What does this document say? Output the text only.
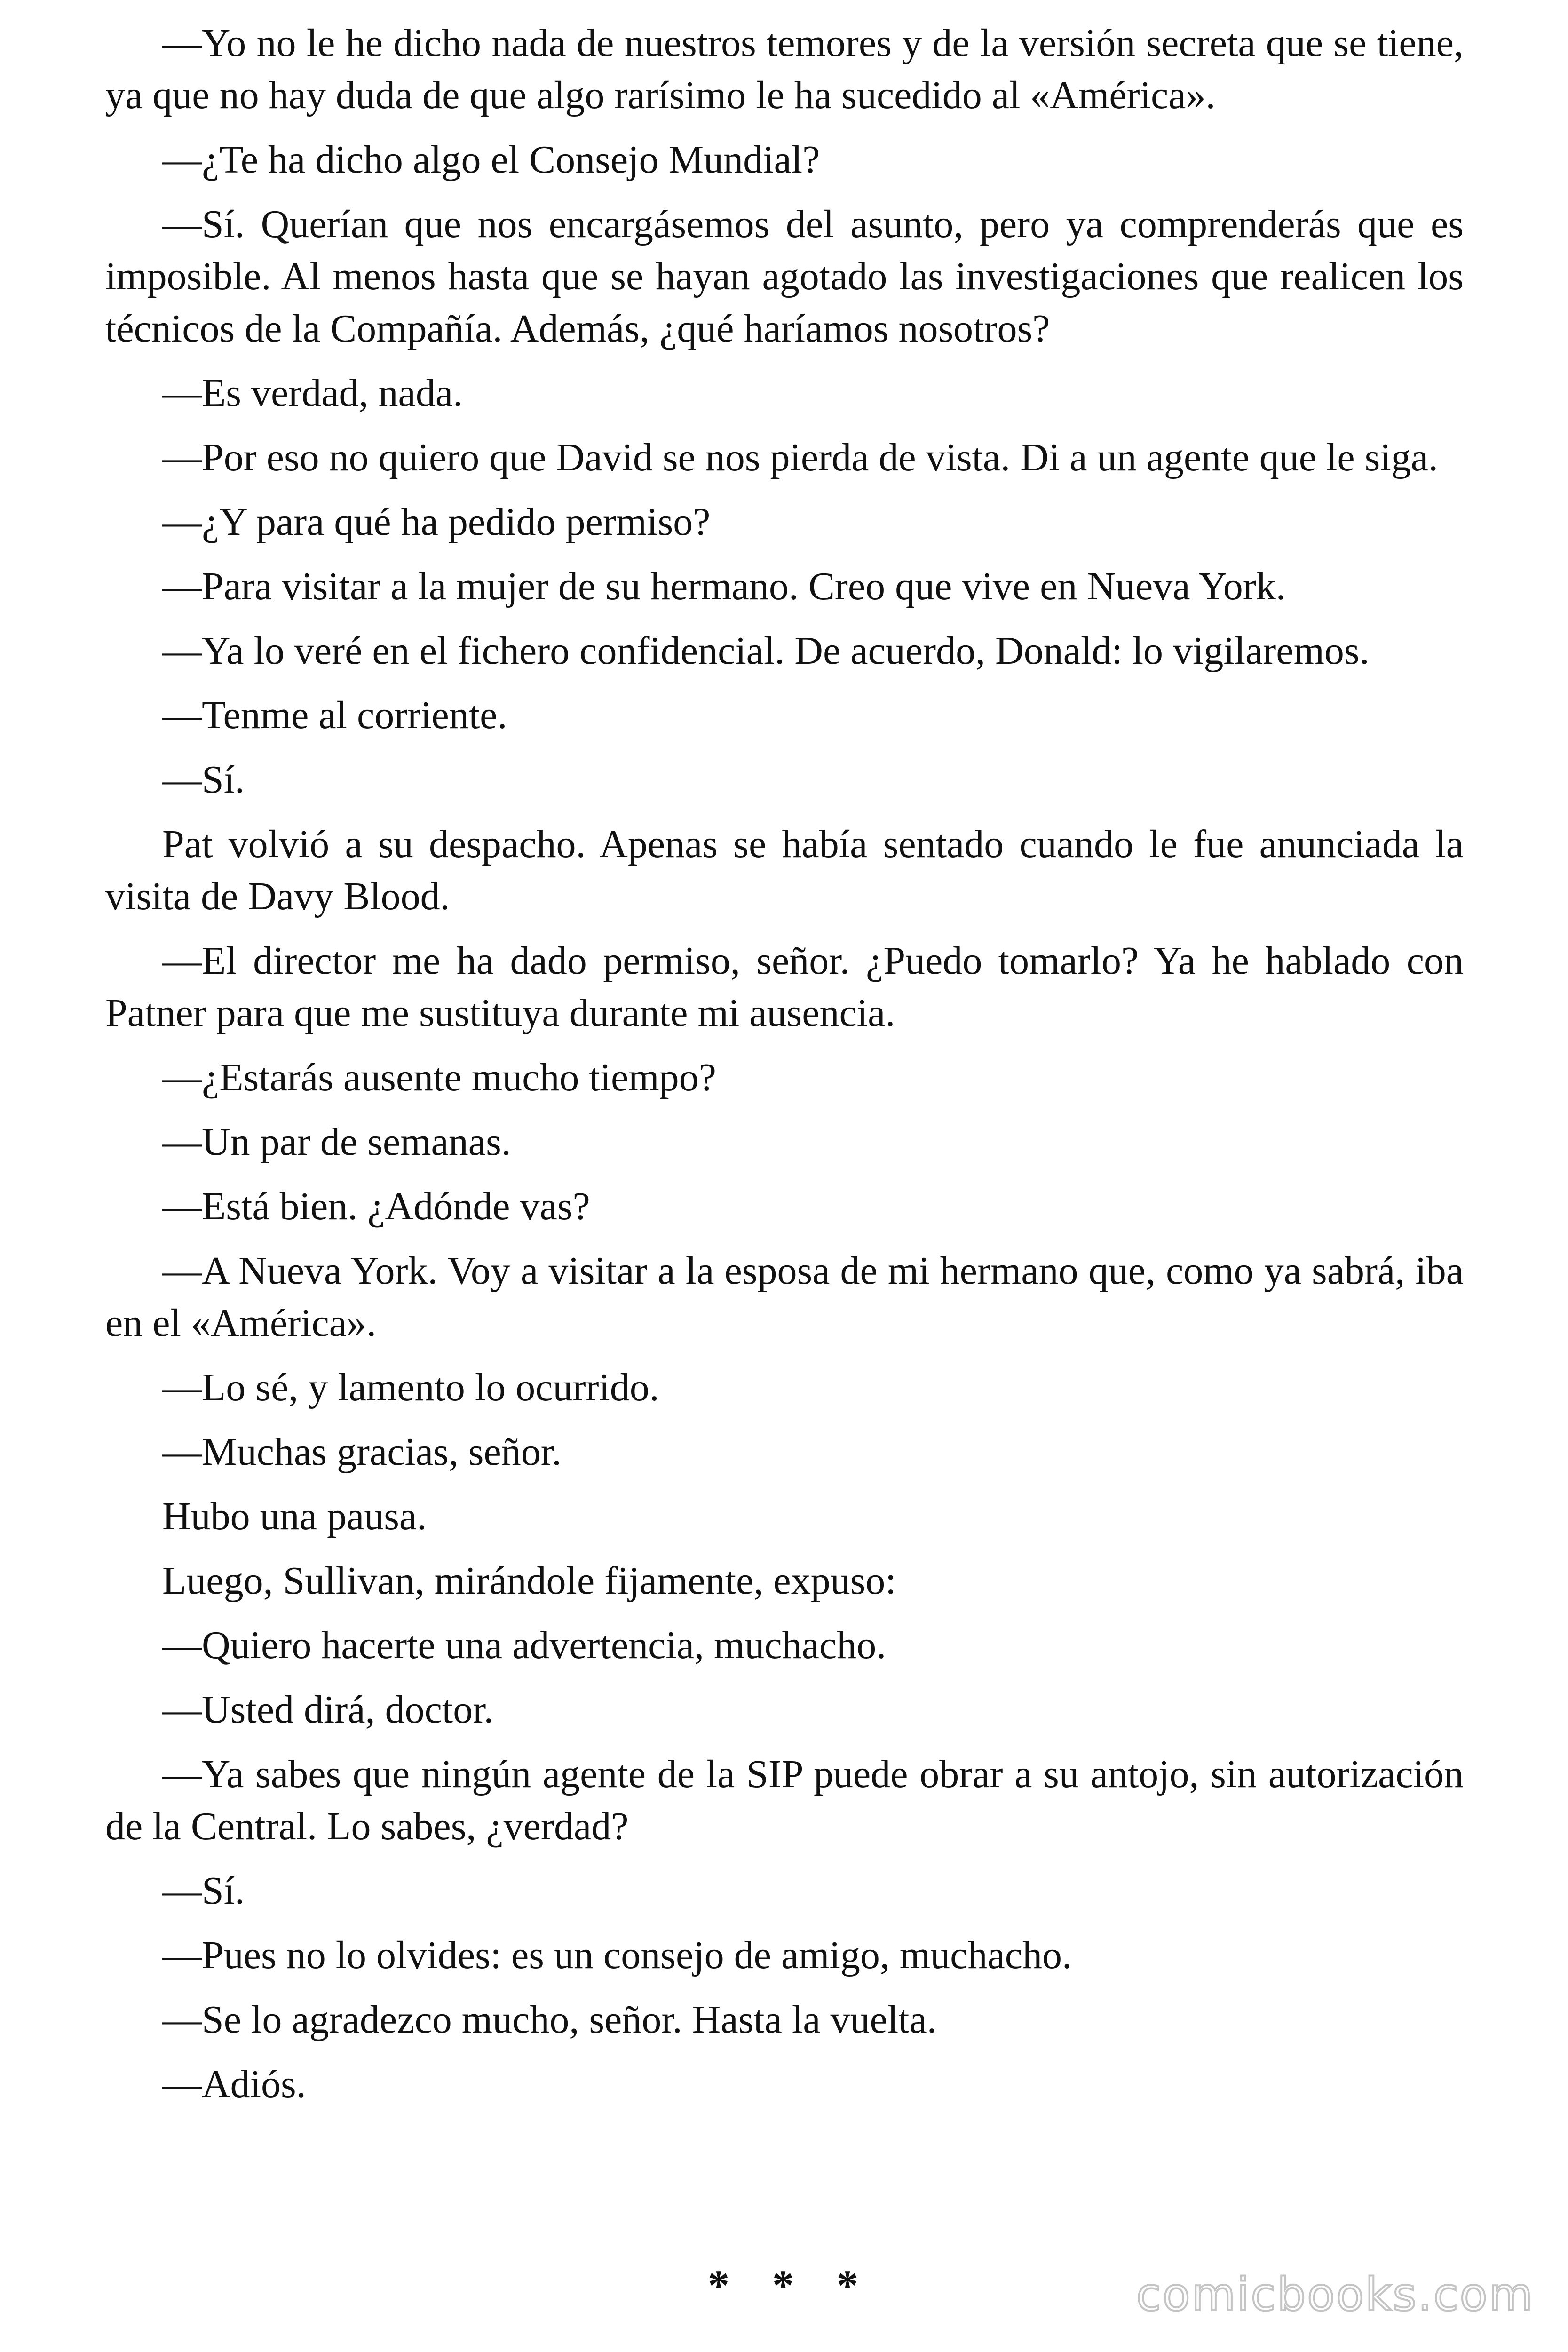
—Yo no le he dicho nada de nuestros temores y de la versión secreta que se tiene, ya que no hay duda de que algo rarísimo le ha sucedido al «América».

—¿Te ha dicho algo el Consejo Mundial?

—Sí. Querían que nos encargásemos del asunto, pero ya comprenderás que es imposible. Al menos hasta que se hayan agotado las investigaciones que realicen los técnicos de la Compañía. Además, ¿qué haríamos nosotros?

—Es verdad, nada.

—Por eso no quiero que David se nos pierda de vista. Di a un agente que le siga.

—¿Y para qué ha pedido permiso?

—Para visitar a la mujer de su hermano. Creo que vive en Nueva York.

—Ya lo veré en el fichero confidencial. De acuerdo, Donald: lo vigilaremos.

—Tenme al corriente.

—Sí.

Pat volvió a su despacho. Apenas se había sentado cuando le fue anunciada la visita de Davy Blood.

—El director me ha dado permiso, señor. ¿Puedo tomarlo? Ya he hablado con Patner para que me sustituya durante mi ausencia.

—¿Estarás ausente mucho tiempo?

—Un par de semanas.

—Está bien. ¿Adónde vas?

—A Nueva York. Voy a visitar a la esposa de mi hermano que, como ya sabrá, iba en el «América».

—Lo sé, y lamento lo ocurrido.

—Muchas gracias, señor.

Hubo una pausa.

Luego, Sullivan, mirándole fijamente, expuso:

—Quiero hacerte una advertencia, muchacho.

—Usted dirá, doctor.

—Ya sabes que ningún agente de la SIP puede obrar a su antojo, sin autorización de la Central. Lo sabes, ¿verdad?

—Sí.

—Pues no lo olvides: es un consejo de amigo, muchacho.

—Se lo agradezco mucho, señor. Hasta la vuelta.

—Adiós.

* * *	comicbooks.com
